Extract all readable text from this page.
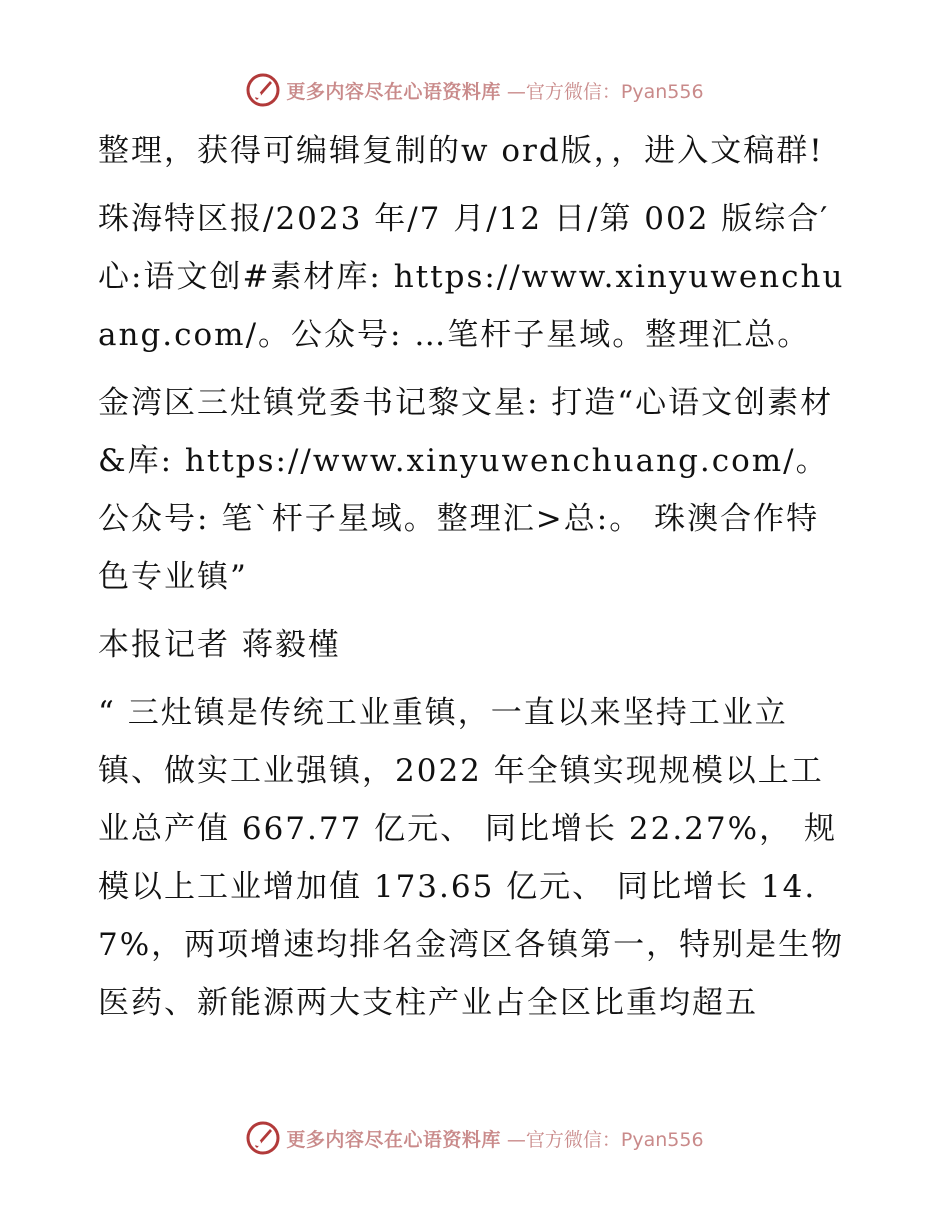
更多内容尽在心语资料库 —官方微信：Pyan556

整理，获得可编辑复制的w ord版，，进入文稿群!

珠海特区报/2023 年/7 月/12 日/第 002 版综合′心:语文创#素材库: https://www.xinyuwenchuang.com/。公众号: …笔杆子星域。整理汇总。

金湾区三灶镇党委书记黎文星: 打造“心语文创素材&库: https://www.xinyuwenchuang.com/。公众号: 笔`杆子星域。整理汇>总:。 珠澳合作特色专业镇”

本报记者 蒋毅槿

“ 三灶镇是传统工业重镇，一直以来坚持工业立镇、做实工业强镇，2022 年全镇实现规模以上工业总产值 667.77 亿元、 同比增长 22.27%， 规模以上工业增加值 173.65 亿元、 同比增长 14.7%，两项增速均排名金湾区各镇第一，特别是生物医药、新能源两大支柱产业占全区比重均超五

更多内容尽在心语资料库 —官方微信：Pyan556
